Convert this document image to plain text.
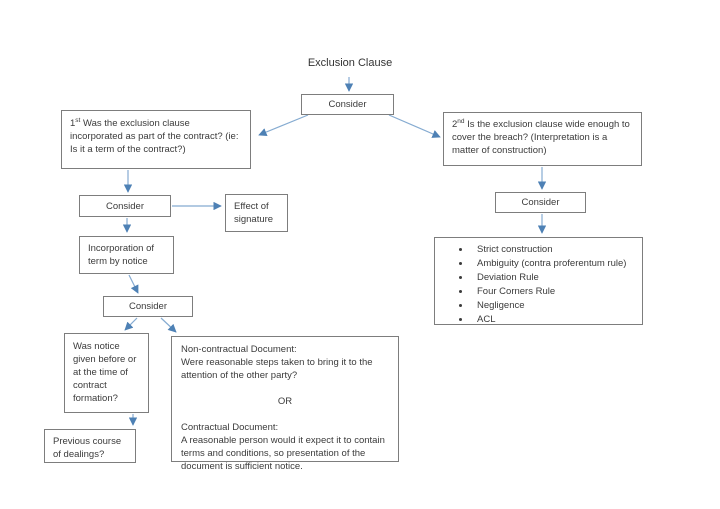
Exclusion Clause
Consider
1st Was the exclusion clause incorporated as part of the contract? (ie: Is it a term of the contract?)
2nd Is the exclusion clause wide enough to cover the breach? (Interpretation is a matter of construction)
Consider	Effect of signature
Incorporation of term by notice
Consider
Was notice given before or at the time of contract formation?
Previous course of dealings?

Non-contractual Document:

Were reasonable steps taken to bring it to the attention of the other party?

OR

Contractual Document:

A reasonable person would it expect it to contain terms and conditions, so presentation of the document is sufficient notice.

Consider
• Strict construction
• Ambiguity (contra proferentum rule)
• Deviation Rule
• Four Corners Rule
• Negligence
• ACL
